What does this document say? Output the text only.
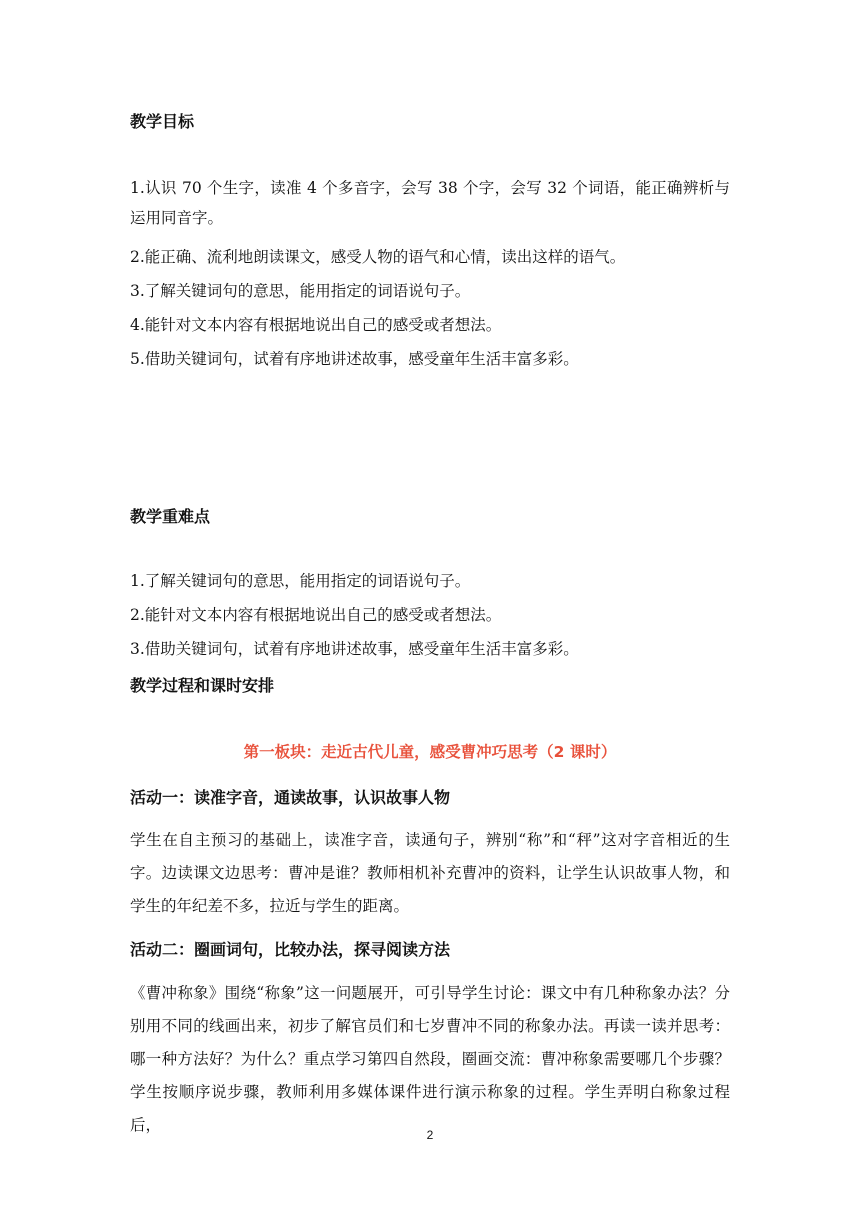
教学目标
1.认识 70 个生字，读准 4 个多音字，会写 38 个字，会写 32 个词语，能正确辨析与运用同音字。
2.能正确、流利地朗读课文，感受人物的语气和心情，读出这样的语气。
3.了解关键词句的意思，能用指定的词语说句子。
4.能针对文本内容有根据地说出自己的感受或者想法。
5.借助关键词句，试着有序地讲述故事，感受童年生活丰富多彩。
教学重难点
1.了解关键词句的意思，能用指定的词语说句子。
2.能针对文本内容有根据地说出自己的感受或者想法。
3.借助关键词句，试着有序地讲述故事，感受童年生活丰富多彩。
教学过程和课时安排
第一板块：走近古代儿童，感受曹冲巧思考（2 课时）
活动一：读准字音，通读故事，认识故事人物
学生在自主预习的基础上，读准字音，读通句子，辨别“称”和“秤”这对字音相近的生字。边读课文边思考：曹冲是谁？教师相机补充曹冲的资料，让学生认识故事人物，和学生的年纪差不多，拉近与学生的距离。
活动二：圈画词句，比较办法，探寻阅读方法
《曹冲称象》围绕“称象”这一问题展开，可引导学生讨论：课文中有几种称象办法？分别用不同的线画出来，初步了解官员们和七岁曹冲不同的称象办法。再读一读并思考：哪一种方法好？为什么？重点学习第四自然段，圈画交流：曹冲称象需要哪几个步骤？学生按顺序说步骤，教师利用多媒体课件进行演示称象的过程。学生弄明白称象过程后，
2
